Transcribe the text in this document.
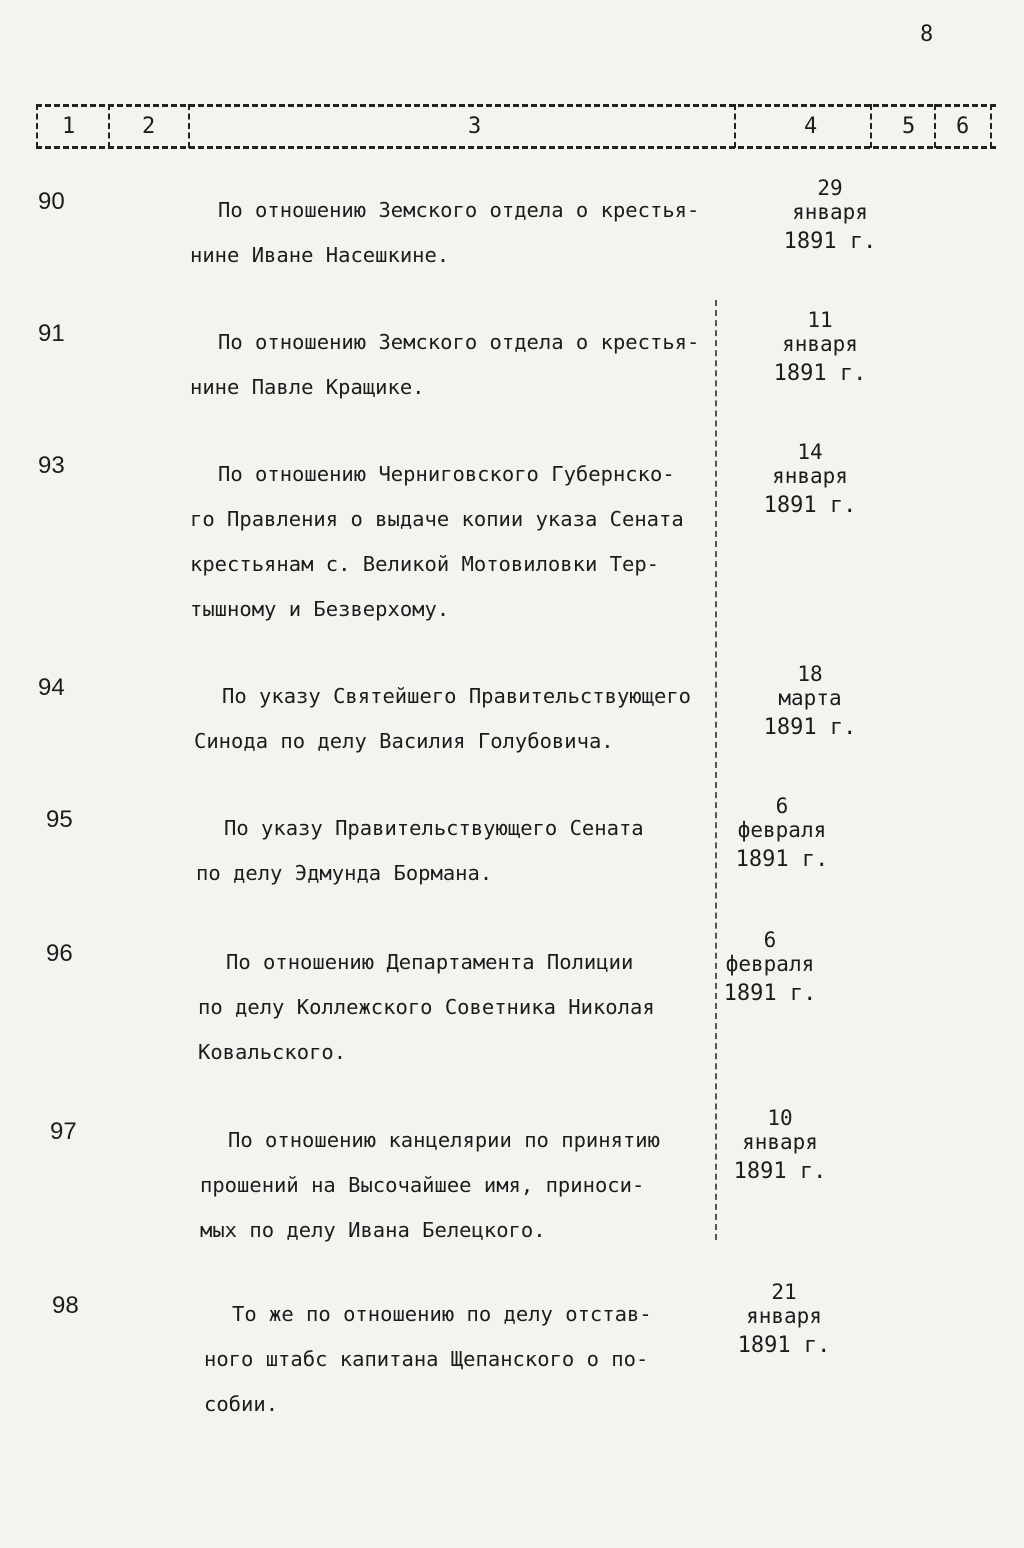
8
1	2	3	4	5 6
90	По отношению Земского отдела о крестья-
нине Иване Насешкине.
29
января
1891 г.
91	По отношению Земского отдела о крестья-
нине Павле Кращике.
11
января
1891 г.
93	По отношению Черниговского Губернско-
го Правления о выдаче копии указа Сената
крестьянам с. Великой Мотовиловки Тер-
тышному и Безверхому.
14
января
1891 г.
94	По указу Святейшего Правительствующего
Синода по делу Василия Голубовича.
18
марта
1891 г.
95	По указу Правительствующего Сената
по делу Эдмунда Бормана.
6
февраля
1891 г.
96	По отношению Департамента Полиции
по делу Коллежского Советника Николая
Ковальского.
6
февраля
1891 г.
97	По отношению канцелярии по принятию
прошений на Высочайшее имя, приноси-
мых по делу Ивана Белецкого.
10
января
1891 г.
98	То же по отношению по делу отстав-
ного штабс капитана Щепанского о по-
собии.
21
января
1891 г.
